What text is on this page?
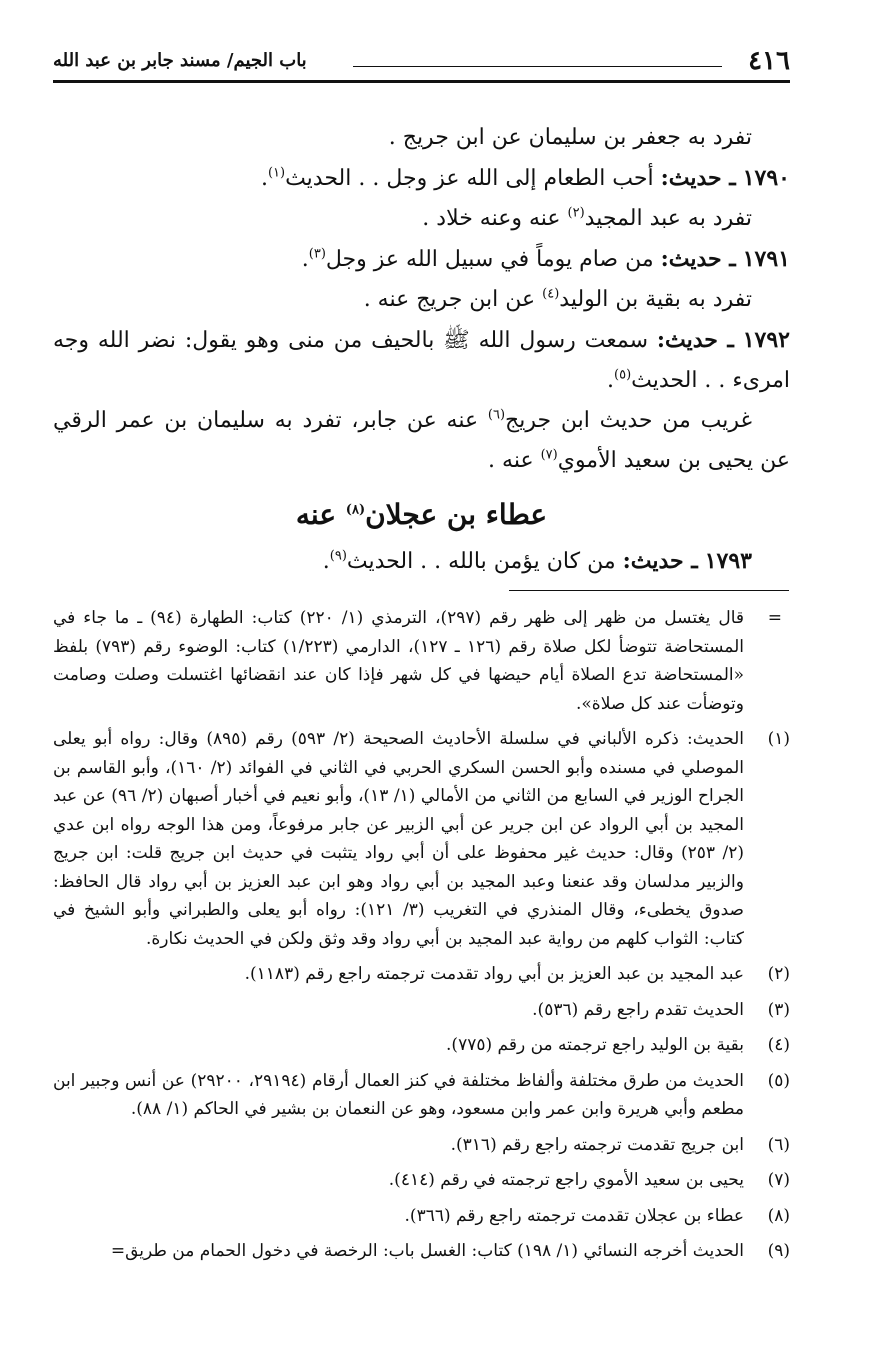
٤١٦
باب الجيم/ مسند جابر بن عبد الله

تفرد به جعفر بن سليمان عن ابن جريج .

١٧٩٠ ـ حديث: أحب الطعام إلى الله عز وجل . . الحديث$^{(١)}$.

تفرد به عبد المجيد$^{(٢)}$ عنه وعنه خلاد .

١٧٩١ ـ حديث: من صام يوماً في سبيل الله عز وجل$^{(٣)}$.

تفرد به بقية بن الوليد$^{(٤)}$ عن ابن جريج عنه .

١٧٩٢ ـ حديث: سمعت رسول الله ﷺ بالحيف من منى وهو يقول: نضر الله وجه امرىء . . الحديث$^{(٥)}$.

غريب من حديث ابن جريج$^{(٦)}$ عنه عن جابر، تفرد به سليمان بن عمر الرقي عن يحيى بن سعيد الأموي$^{(٧)}$ عنه .

عطاء بن عجلان$^{(٨)}$ عنه

١٧٩٣ ـ حديث: من كان يؤمن بالله . . الحديث$^{(٩)}$.

=
قال يغتسل من ظهر إلى ظهر رقم (٢٩٧)، الترمذي (١/ ٢٢٠) كتاب: الطهارة (٩٤) ـ ما جاء في المستحاضة تتوضأ لكل صلاة رقم (١٢٦ ـ ١٢٧)، الدارمي (١/٢٢٣) كتاب: الوضوء رقم (٧٩٣) بلفظ «المستحاضة تدع الصلاة أيام حيضها في كل شهر فإذا كان عند انقضائها اغتسلت وصلت وصامت وتوضأت عند كل صلاة».
(١)
الحديث: ذكره الألباني في سلسلة الأحاديث الصحيحة (٢/ ٥٩٣) رقم (٨٩٥) وقال: رواه أبو يعلى الموصلي في مسنده وأبو الحسن السكري الحربي في الثاني في الفوائد (٢/ ١٦٠)، وأبو القاسم بن الجراح الوزير في السابع من الثاني من الأمالي (١/ ١٣)، وأبو نعيم في أخبار أصبهان (٢/ ٩٦) عن عبد المجيد بن أبي الرواد عن ابن جرير عن أبي الزبير عن جابر مرفوعاً، ومن هذا الوجه رواه ابن عدي (٢/ ٢٥٣) وقال: حديث غير محفوظ على أن أبي رواد يتثبت في حديث ابن جريج قلت: ابن جريج والزبير مدلسان وقد عنعنا وعبد المجيد بن أبي رواد وهو ابن عبد العزيز بن أبي رواد قال الحافظ: صدوق يخطىء، وقال المنذري في التغريب (٣/ ١٢١): رواه أبو يعلى والطبراني وأبو الشيخ في كتاب: الثواب كلهم من رواية عبد المجيد بن أبي رواد وقد وثق ولكن في الحديث نكارة.
(٢)
عبد المجيد بن عبد العزيز بن أبي رواد تقدمت ترجمته راجع رقم (١١٨٣).
(٣)
الحديث تقدم راجع رقم (٥٣٦).
(٤)
بقية بن الوليد راجع ترجمته من رقم (٧٧٥).
(٥)
الحديث من طرق مختلفة وألفاظ مختلفة في كنز العمال أرقام (٢٩١٩٤، ٢٩٢٠٠) عن أنس وجبير ابن مطعم وأبي هريرة وابن عمر وابن مسعود، وهو عن النعمان بن بشير في الحاكم (١/ ٨٨).
(٦)
ابن جريج تقدمت ترجمته راجع رقم (٣١٦).
(٧)
يحيى بن سعيد الأموي راجع ترجمته في رقم (٤١٤).
(٨)
عطاء بن عجلان تقدمت ترجمته راجع رقم (٣٦٦).
(٩)
الحديث أخرجه النسائي (١/ ١٩٨) كتاب: الغسل باب: الرخصة في دخول الحمام من طريق=
